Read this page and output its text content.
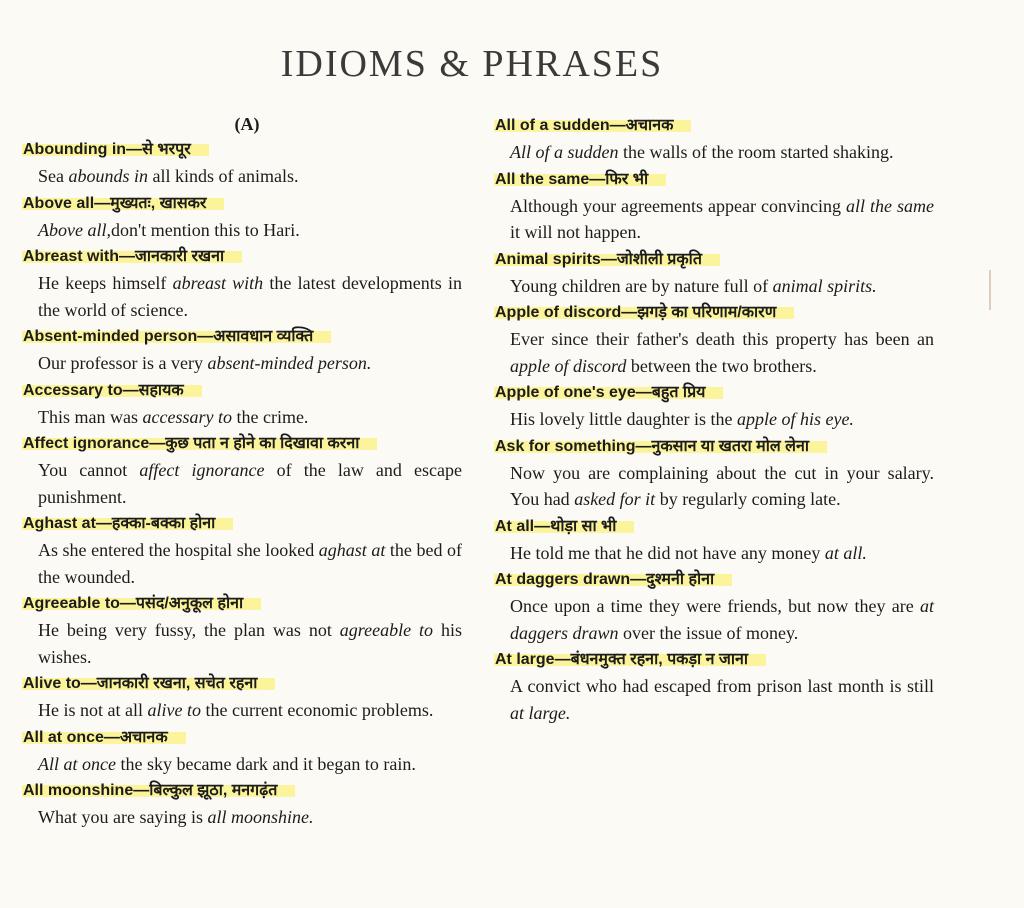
IDIOMS & PHRASES
(A)
Abounding in—से भरपूर
Sea abounds in all kinds of animals.
Above all—मुख्यतः, खासकर
Above all,don't mention this to Hari.
Abreast with—जानकारी रखना
He keeps himself abreast with the latest developments in the world of science.
Absent-minded person—असावधान व्यक्ति
Our professor is a very absent-minded person.
Accessary to—सहायक
This man was accessary to the crime.
Affect ignorance—कुछ पता न होने का दिखावा करना
You cannot affect ignorance of the law and escape punishment.
Aghast at—हक्का-बक्का होना
As she entered the hospital she looked aghast at the bed of the wounded.
Agreeable to—पसंद/अनुकूल होना
He being very fussy, the plan was not agreeable to his wishes.
Alive to—जानकारी रखना, सचेत रहना
He is not at all alive to the current economic problems.
All at once—अचानक
All at once the sky became dark and it began to rain.
All moonshine—बिल्कुल झूठा, मनगढ़ंत
What you are saying is all moonshine.
All of a sudden—अचानक
All of a sudden the walls of the room started shaking.
All the same—फिर भी
Although your agreements appear convincing all the same it will not happen.
Animal spirits—जोशीली प्रकृति
Young children are by nature full of animal spirits.
Apple of discord—झगड़े का परिणाम/कारण
Ever since their father's death this property has been an apple of discord between the two brothers.
Apple of one's eye—बहुत प्रिय
His lovely little daughter is the apple of his eye.
Ask for something—नुकसान या खतरा मोल लेना
Now you are complaining about the cut in your salary. You had asked for it by regularly coming late.
At all—थोड़ा सा भी
He told me that he did not have any money at all.
At daggers drawn—दुश्मनी होना
Once upon a time they were friends, but now they are at daggers drawn over the issue of money.
At large—बंधनमुक्त रहना, पकड़ा न जाना
A convict who had escaped from prison last month is still at large.
